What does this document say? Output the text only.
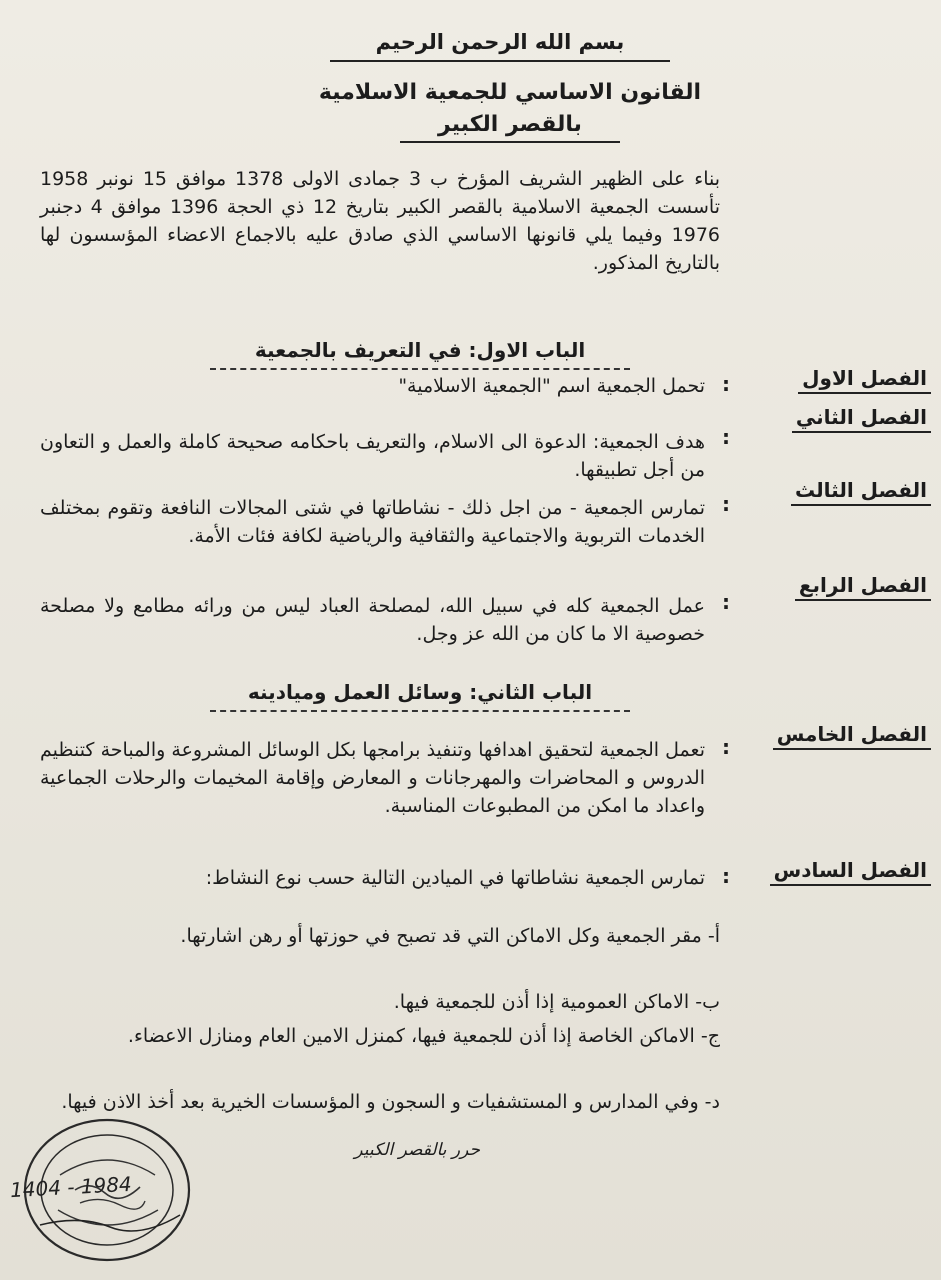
بسم الله الرحمن الرحيم
القانون الاساسي للجمعية الاسلامية
بالقصر الكبير
بناء على الظهير الشريف المؤرخ ب 3 جمادى الاولى 1378 موافق 15 نونبر 1958 تأسست الجمعية الاسلامية بالقصر الكبير بتاريخ 12 ذي الحجة 1396 موافق 4 دجنبر 1976 وفيما يلي قانونها الاساسي الذي صادق عليه بالاجماع الاعضاء المؤسسون لها بالتاريخ المذكور.
الباب الاول: في التعريف بالجمعية
الفصل الاول
:
تحمل الجمعية اسم "الجمعية الاسلامية"
الفصل الثاني
:
هدف الجمعية: الدعوة الى الاسلام، والتعريف باحكامه صحيحة كاملة والعمل و التعاون من أجل تطبيقها.
الفصل الثالث
:
تمارس الجمعية - من اجل ذلك - نشاطاتها في شتى المجالات النافعة وتقوم بمختلف الخدمات التربوية والاجتماعية والثقافية والرياضية لكافة فئات الأمة.
الفصل الرابع
:
عمل الجمعية كله في سبيل الله، لمصلحة العباد ليس من ورائه مطامع ولا مصلحة خصوصية الا ما كان من الله عز وجل.
الباب الثاني: وسائل العمل وميادينه
الفصل الخامس
:
تعمل الجمعية لتحقيق اهدافها وتنفيذ برامجها بكل الوسائل المشروعة والمباحة كتنظيم الدروس و المحاضرات والمهرجانات و المعارض وإقامة المخيمات والرحلات الجماعية واعداد ما امكن من المطبوعات المناسبة.
الفصل السادس
:
تمارس الجمعية نشاطاتها في الميادين التالية حسب نوع النشاط:
أ- مقر الجمعية وكل الاماكن التي قد تصبح في حوزتها أو رهن اشارتها.
ب- الاماكن العمومية إذا أذن للجمعية فيها.
ج- الاماكن الخاصة إذا أذن للجمعية فيها، كمنزل الامين العام ومنازل الاعضاء.
د- وفي المدارس و المستشفيات و السجون و المؤسسات الخيرية بعد أخذ الاذن فيها.
حرر بالقصر الكبير
1404 - 1984
